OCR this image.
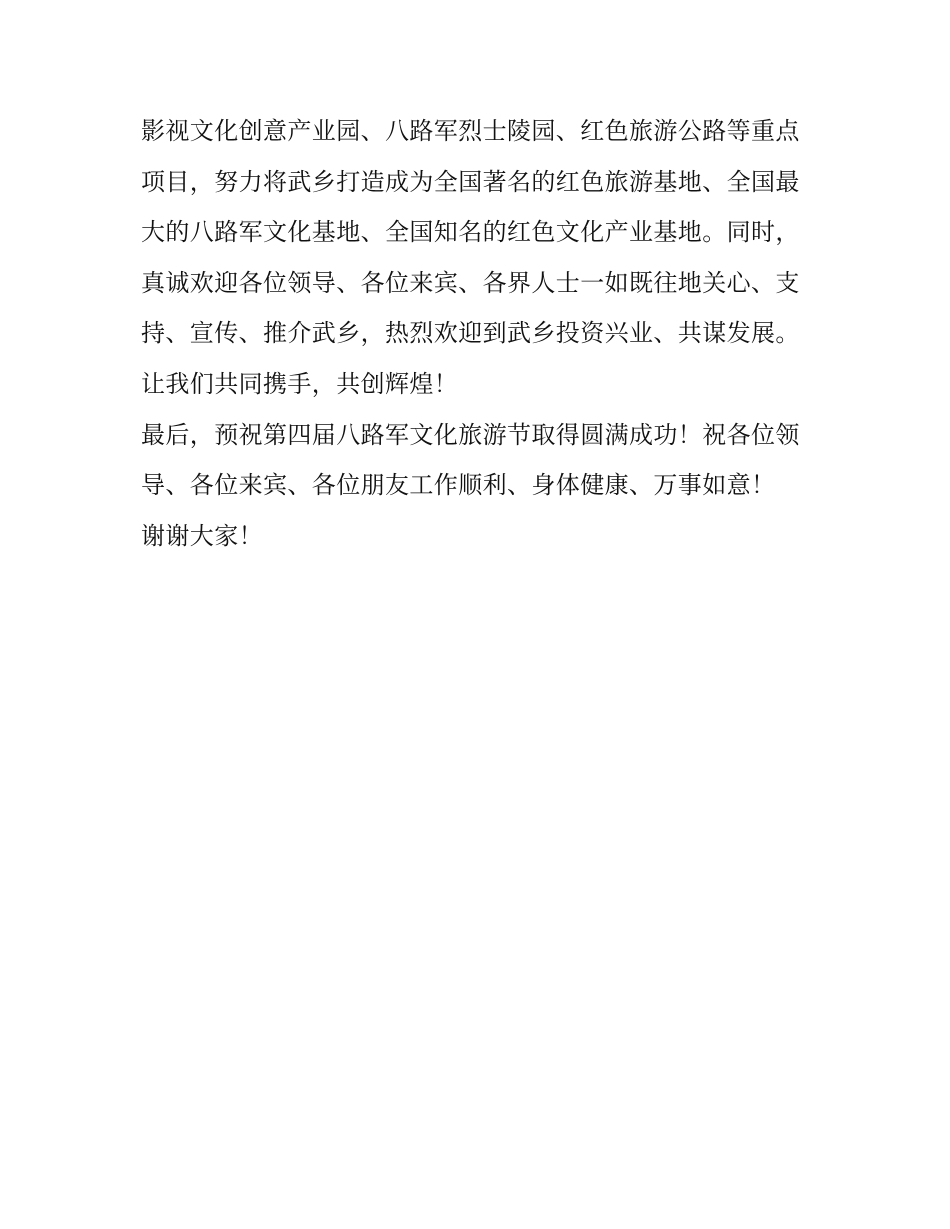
影视文化创意产业园、八路军烈士陵园、红色旅游公路等重点
项目，努力将武乡打造成为全国著名的红色旅游基地、全国最
大的八路军文化基地、全国知名的红色文化产业基地。同时，
真诚欢迎各位领导、各位来宾、各界人士一如既往地关心、支
持、宣传、推介武乡，热烈欢迎到武乡投资兴业、共谋发展。
让我们共同携手，共创辉煌！
最后，预祝第四届八路军文化旅游节取得圆满成功！祝各位领
导、各位来宾、各位朋友工作顺利、身体健康、万事如意！
谢谢大家！
